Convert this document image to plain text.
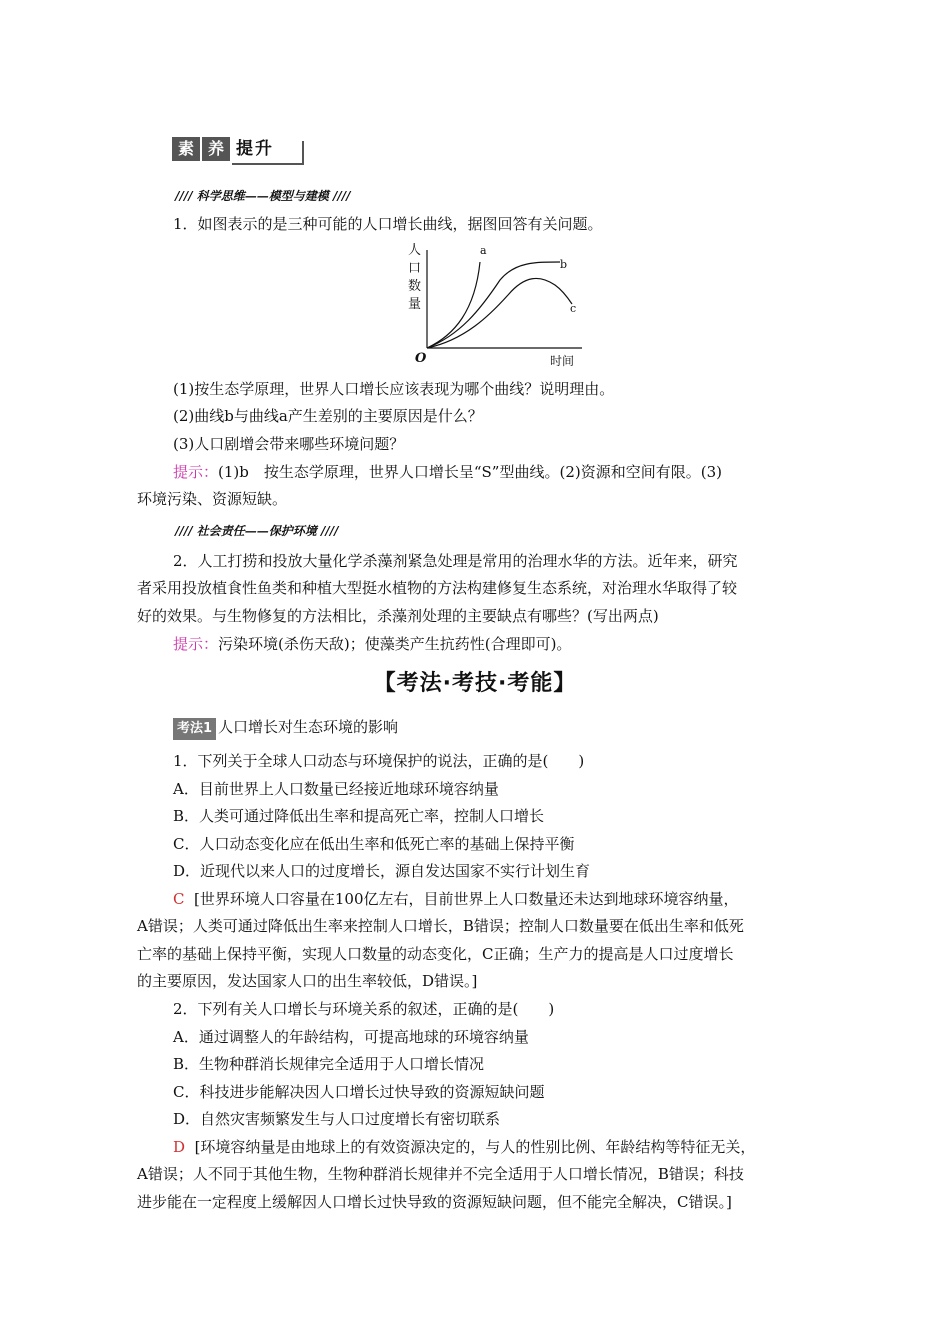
素 养 提升
//// 科学思维——模型与建模 ////
1．如图表示的是三种可能的人口增长曲线，据图回答有关问题。
人
口
数
量
O	时间
a
b
c
(1)按生态学原理，世界人口增长应该表现为哪个曲线？说明理由。
(2)曲线b与曲线a产生差别的主要原因是什么？
(3)人口剧增会带来哪些环境问题？
提示：(1)b　按生态学原理，世界人口增长呈“S”型曲线。(2)资源和空间有限。(3)
环境污染、资源短缺。
//// 社会责任——保护环境 ////
2．人工打捞和投放大量化学杀藻剂紧急处理是常用的治理水华的方法。近年来，研究
者采用投放植食性鱼类和种植大型挺水植物的方法构建修复生态系统，对治理水华取得了较
好的效果。与生物修复的方法相比，杀藻剂处理的主要缺点有哪些？(写出两点)
提示：污染环境(杀伤天敌)；使藻类产生抗药性(合理即可)。
【考法·考技·考能】
考法1 人口增长对生态环境的影响
1．下列关于全球人口动态与环境保护的说法，正确的是(　　)
A．目前世界上人口数量已经接近地球环境容纳量
B．人类可通过降低出生率和提高死亡率，控制人口增长
C．人口动态变化应在低出生率和低死亡率的基础上保持平衡
D．近现代以来人口的过度增长，源自发达国家不实行计划生育
C [世界环境人口容量在100亿左右，目前世界上人口数量还未达到地球环境容纳量，
A错误；人类可通过降低出生率来控制人口增长，B错误；控制人口数量要在低出生率和低死
亡率的基础上保持平衡，实现人口数量的动态变化，C正确；生产力的提高是人口过度增长
的主要原因，发达国家人口的出生率较低，D错误。]
2．下列有关人口增长与环境关系的叙述，正确的是(　　)
A．通过调整人的年龄结构，可提高地球的环境容纳量
B．生物种群消长规律完全适用于人口增长情况
C．科技进步能解决因人口增长过快导致的资源短缺问题
D．自然灾害频繁发生与人口过度增长有密切联系
D [环境容纳量是由地球上的有效资源决定的，与人的性别比例、年龄结构等特征无关，
A错误；人不同于其他生物，生物种群消长规律并不完全适用于人口增长情况，B错误；科技
进步能在一定程度上缓解因人口增长过快导致的资源短缺问题，但不能完全解决，C错误。]
